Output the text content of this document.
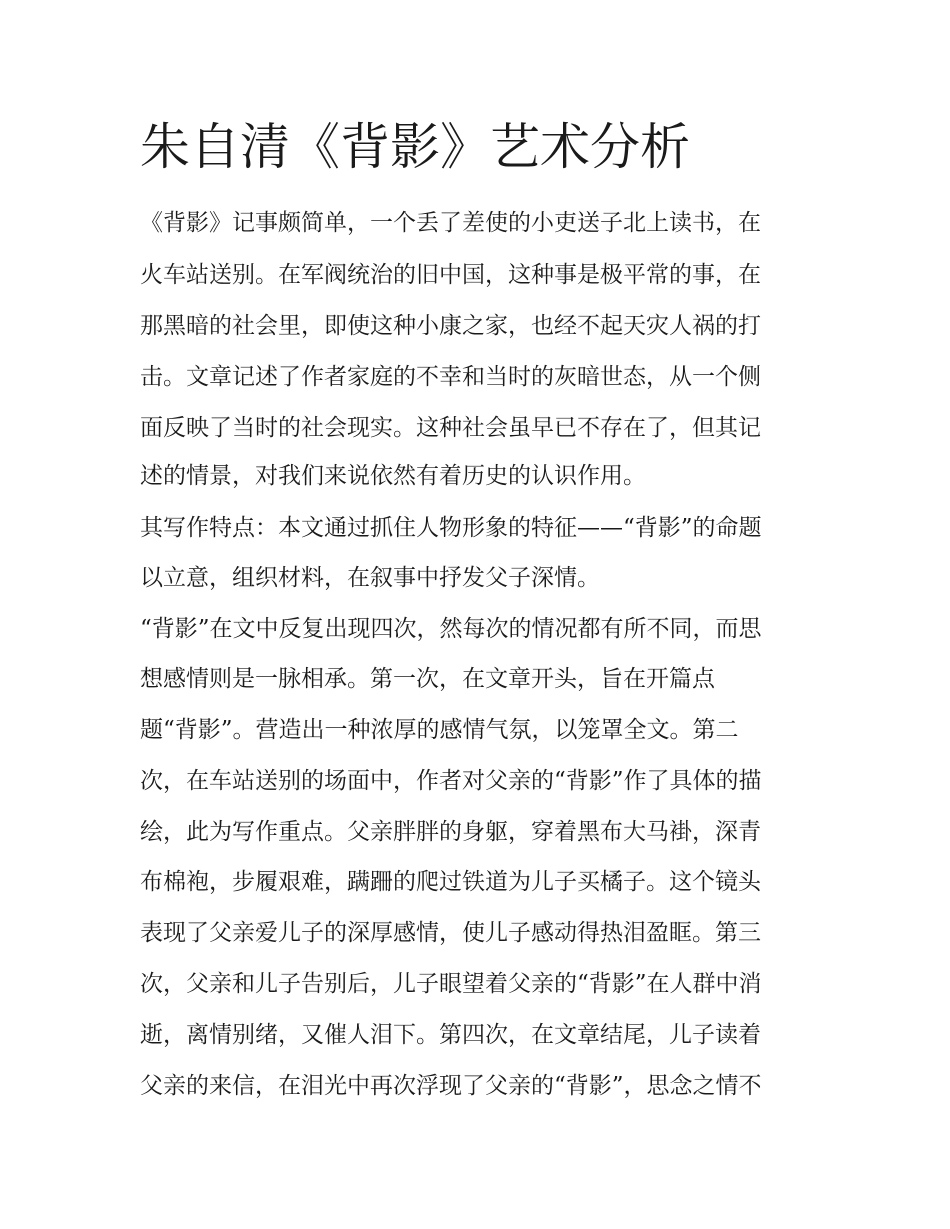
朱自清《背影》艺术分析

《背影》记事颇简单，一个丢了差使的小吏送子北上读书，在

火车站送别。在军阀统治的旧中国，这种事是极平常的事，在

那黑暗的社会里，即使这种小康之家，也经不起天灾人祸的打

击。文章记述了作者家庭的不幸和当时的灰暗世态，从一个侧

面反映了当时的社会现实。这种社会虽早已不存在了，但其记

述的情景，对我们来说依然有着历史的认识作用。

其写作特点：本文通过抓住人物形象的特征——“背影”的命题

以立意，组织材料，在叙事中抒发父子深情。

“背影”在文中反复出现四次，然每次的情况都有所不同，而思

想感情则是一脉相承。第一次，在文章开头，旨在开篇点

题“背影”。营造出一种浓厚的感情气氛，以笼罩全文。第二

次，在车站送别的场面中，作者对父亲的“背影”作了具体的描

绘，此为写作重点。父亲胖胖的身躯，穿着黑布大马褂，深青

布棉袍，步履艰难，蹒跚的爬过铁道为儿子买橘子。这个镜头

表现了父亲爱儿子的深厚感情，使儿子感动得热泪盈眶。第三

次，父亲和儿子告别后，儿子眼望着父亲的“背影”在人群中消

逝，离情别绪，又催人泪下。第四次，在文章结尾，儿子读着

父亲的来信，在泪光中再次浮现了父亲的“背影”，思念之情不
